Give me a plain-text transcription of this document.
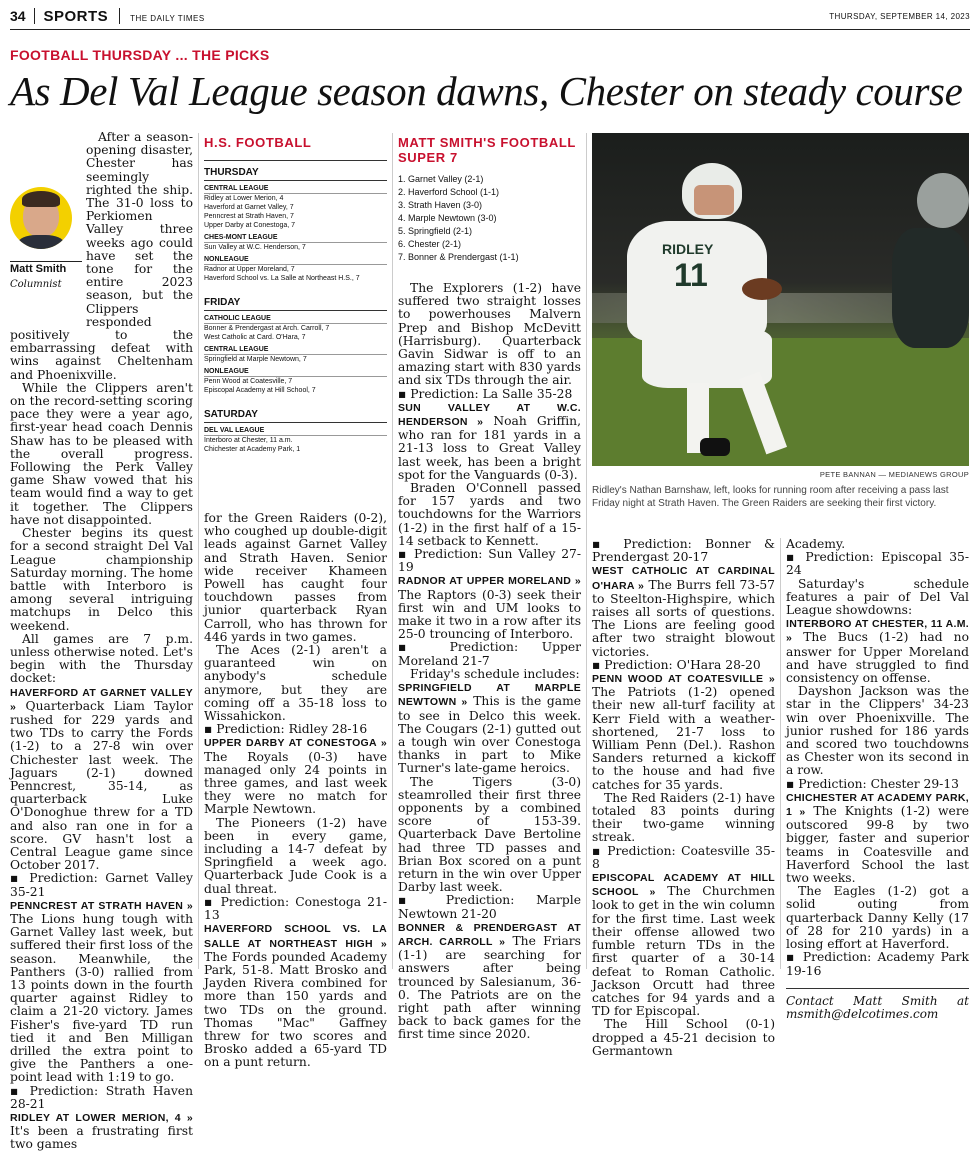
34 SPORTS	THE DAILY TIMES	THURSDAY, SEPTEMBER 14, 2023
FOOTBALL THURSDAY ... THE PICKS
As Del Val League season dawns, Chester on steady course
Matt Smith
Columnist

After a season-opening disaster, Chester has seemingly righted the ship. The 31-0 loss to Perkiomen Valley three weeks ago could have set the tone for the entire 2023 season, but the Clippers responded positively to the embarrassing defeat with wins against Cheltenham and Phoenixville.

While the Clippers aren't on the record-setting scoring pace they were a year ago, first-year head coach Dennis Shaw has to be pleased with the overall progress. Following the Perk Valley game Shaw vowed that his team would find a way to get it together. The Clippers have not disappointed.

Chester begins its quest for a second straight Del Val League championship Saturday morning. The home battle with Interboro is among several intriguing matchups in Delco this weekend.

All games are 7 p.m. unless otherwise noted. Let's begin with the Thursday docket:

HAVERFORD AT GARNET VALLEY » Quarterback Liam Taylor rushed for 229 yards and two TDs to carry the Fords (1-2) to a 27-8 win over Chichester last week. The Jaguars (2-1) downed Penncrest, 35-14, as quarterback Luke O'Donoghue threw for a TD and also ran one in for a score. GV hasn't lost a Central League game since October 2017.

▪ Prediction: Garnet Valley 35-21

PENNCREST AT STRATH HAVEN » The Lions hung tough with Garnet Valley last week, but suffered their first loss of the season. Meanwhile, the Panthers (3-0) rallied from 13 points down in the fourth quarter against Ridley to claim a 21-20 victory. James Fisher's five-yard TD run tied it and Ben Milligan drilled the extra point to give the Panthers a one-point lead with 1:19 to go.

▪ Prediction: Strath Haven 28-21

RIDLEY AT LOWER MERION, 4 » It's been a frustrating first two games

H.S. FOOTBALL
THURSDAY
CENTRAL LEAGUE
Ridley at Lower Merion, 4
Haverford at Garnet Valley, 7
Penncrest at Strath Haven, 7
Upper Darby at Conestoga, 7
CHES-MONT LEAGUE
Sun Valley at W.C. Henderson, 7
NONLEAGUE
Radnor at Upper Moreland, 7
Haverford School vs. La Salle at Northeast H.S., 7
FRIDAY
CATHOLIC LEAGUE
Bonner & Prendergast at Arch. Carroll, 7
West Catholic at Card. O'Hara, 7
CENTRAL LEAGUE
Springfield at Marple Newtown, 7
NONLEAGUE
Penn Wood at Coatesville, 7
Episcopal Academy at Hill School, 7
SATURDAY
DEL VAL LEAGUE
Interboro at Chester, 11 a.m.
Chichester at Academy Park, 1

for the Green Raiders (0-2), who coughed up double-digit leads against Garnet Valley and Strath Haven. Senior wide receiver Khameen Powell has caught four touchdown passes from junior quarterback Ryan Carroll, who has thrown for 446 yards in two games.

The Aces (2-1) aren't a guaranteed win on anybody's schedule anymore, but they are coming off a 35-18 loss to Wissahickon.

▪ Prediction: Ridley 28-16

UPPER DARBY AT CONESTOGA » The Royals (0-3) have managed only 24 points in three games, and last week they were no match for Marple Newtown.

The Pioneers (1-2) have been in every game, including a 14-7 defeat by Springfield a week ago. Quarterback Jude Cook is a dual threat.

▪ Prediction: Conestoga 21-13

HAVERFORD SCHOOL VS. LA SALLE AT NORTHEAST HIGH » The Fords pounded Academy Park, 51-8. Matt Brosko and Jayden Rivera combined for more than 150 yards and two TDs on the ground. Thomas "Mac" Gaffney threw for two scores and Brosko added a 65-yard TD on a punt return.

MATT SMITH'S FOOTBALL SUPER 7
1. Garnet Valley (2-1)
2. Haverford School (1-1)
3. Strath Haven (3-0)
4. Marple Newtown (3-0)
5. Springfield (2-1)
6. Chester (2-1)
7. Bonner & Prendergast (1-1)

The Explorers (1-2) have suffered two straight losses to powerhouses Malvern Prep and Bishop McDevitt (Harrisburg). Quarterback Gavin Sidwar is off to an amazing start with 830 yards and six TDs through the air.

▪ Prediction: La Salle 35-28

SUN VALLEY AT W.C. HENDERSON » Noah Griffin, who ran for 181 yards in a 21-13 loss to Great Valley last week, has been a bright spot for the Vanguards (0-3).

Braden O'Connell passed for 157 yards and two touchdowns for the Warriors (1-2) in the first half of a 15-14 setback to Kennett.

▪ Prediction: Sun Valley 27-19

RADNOR AT UPPER MORELAND » The Raptors (0-3) seek their first win and UM looks to make it two in a row after its 25-0 trouncing of Interboro.

▪ Prediction: Upper Moreland 21-7

Friday's schedule includes:

SPRINGFIELD AT MARPLE NEWTOWN » This is the game to see in Delco this week. The Cougars (2-1) gutted out a tough win over Conestoga thanks in part to Mike Turner's late-game heroics.

The Tigers (3-0) steamrolled their first three opponents by a combined score of 153-39. Quarterback Dave Bertoline had three TD passes and Brian Box scored on a punt return in the win over Upper Darby last week.

▪ Prediction: Marple Newtown 21-20

BONNER & PRENDERGAST AT ARCH. CARROLL » The Friars (1-1) are searching for answers after being trounced by Salesianum, 36-0. The Patriots are on the right path after winning back to back games for the first time since 2020.

RIDLEY
11
PETE BANNAN — MEDIANEWS GROUP
Ridley's Nathan Barnshaw, left, looks for running room after receiving a pass last Friday night at Strath Haven. The Green Raiders are seeking their first victory.

▪ Prediction: Bonner & Prendergast 20-17

WEST CATHOLIC AT CARDINAL O'HARA » The Burrs fell 73-57 to Steelton-Highspire, which raises all sorts of questions. The Lions are feeling good after two straight blowout victories.

▪ Prediction: O'Hara 28-20

PENN WOOD AT COATESVILLE » The Patriots (1-2) opened their new all-turf facility at Kerr Field with a weather-shortened, 21-7 loss to William Penn (Del.). Rashon Sanders returned a kickoff to the house and had five catches for 35 yards.

The Red Raiders (2-1) have totaled 83 points during their two-game winning streak.

▪ Prediction: Coatesville 35-8

EPISCOPAL ACADEMY AT HILL SCHOOL » The Churchmen look to get in the win column for the first time. Last week their offense allowed two fumble return TDs in the first quarter of a 30-14 defeat to Roman Catholic. Jackson Orcutt had three catches for 94 yards and a TD for Episcopal.

The Hill School (0-1) dropped a 45-21 decision to Germantown

Academy.

▪ Prediction: Episcopal 35-24

Saturday's schedule features a pair of Del Val League showdowns:

INTERBORO AT CHESTER, 11 A.M. » The Bucs (1-2) had no answer for Upper Moreland and have struggled to find consistency on offense.

Dayshon Jackson was the star in the Clippers' 34-23 win over Phoenixville. The junior rushed for 186 yards and scored two touchdowns as Chester won its second in a row.

▪ Prediction: Chester 29-13

CHICHESTER AT ACADEMY PARK, 1 » The Knights (1-2) were outscored 99-8 by two bigger, faster and superior teams in Coatesville and Haverford School the last two weeks.

The Eagles (1-2) got a solid outing from quarterback Danny Kelly (17 of 28 for 210 yards) in a losing effort at Haverford.

▪ Prediction: Academy Park 19-16

Contact Matt Smith at msmith@delcotimes.com
